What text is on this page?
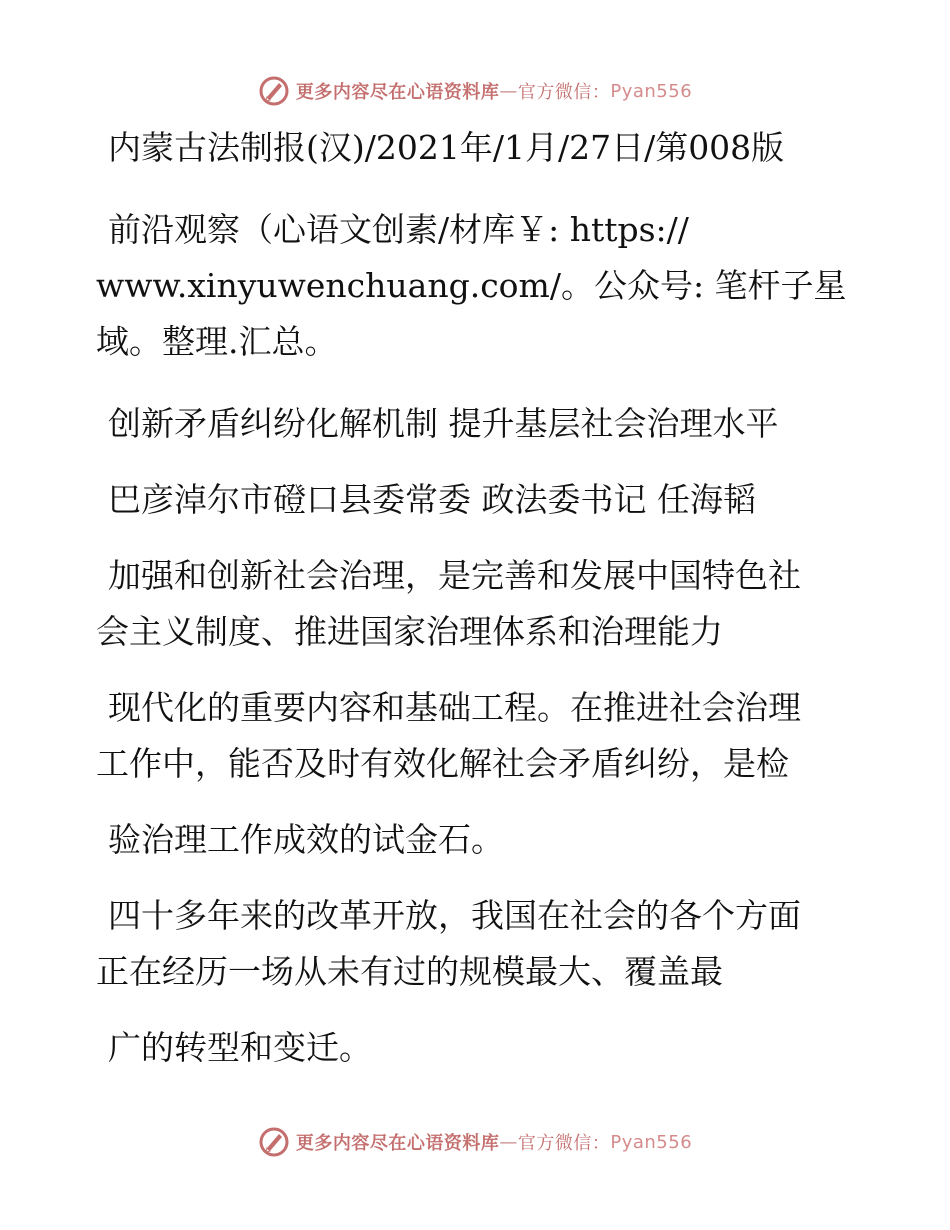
更多内容尽在心语资料库 — 官方微信： Pyan556
内蒙古法制报(汉)/2021年/1月/27日/第008版
前沿观察（心语文创素/材库￥: https://
www.xinyuwenchuang.com/。公众号: 笔杆子星
域。整理.汇总。
创新矛盾纠纷化解机制 提升基层社会治理水平
巴彦淖尔市磴口县委常委 政法委书记 任海韬
加强和创新社会治理，是完善和发展中国特色社
会主义制度、推进国家治理体系和治理能力
现代化的重要内容和基础工程。在推进社会治理
工作中，能否及时有效化解社会矛盾纠纷，是检
验治理工作成效的试金石。
四十多年来的改革开放，我国在社会的各个方面
正在经历一场从未有过的规模最大、覆盖最
广的转型和变迁。
更多内容尽在心语资料库 — 官方微信： Pyan556
